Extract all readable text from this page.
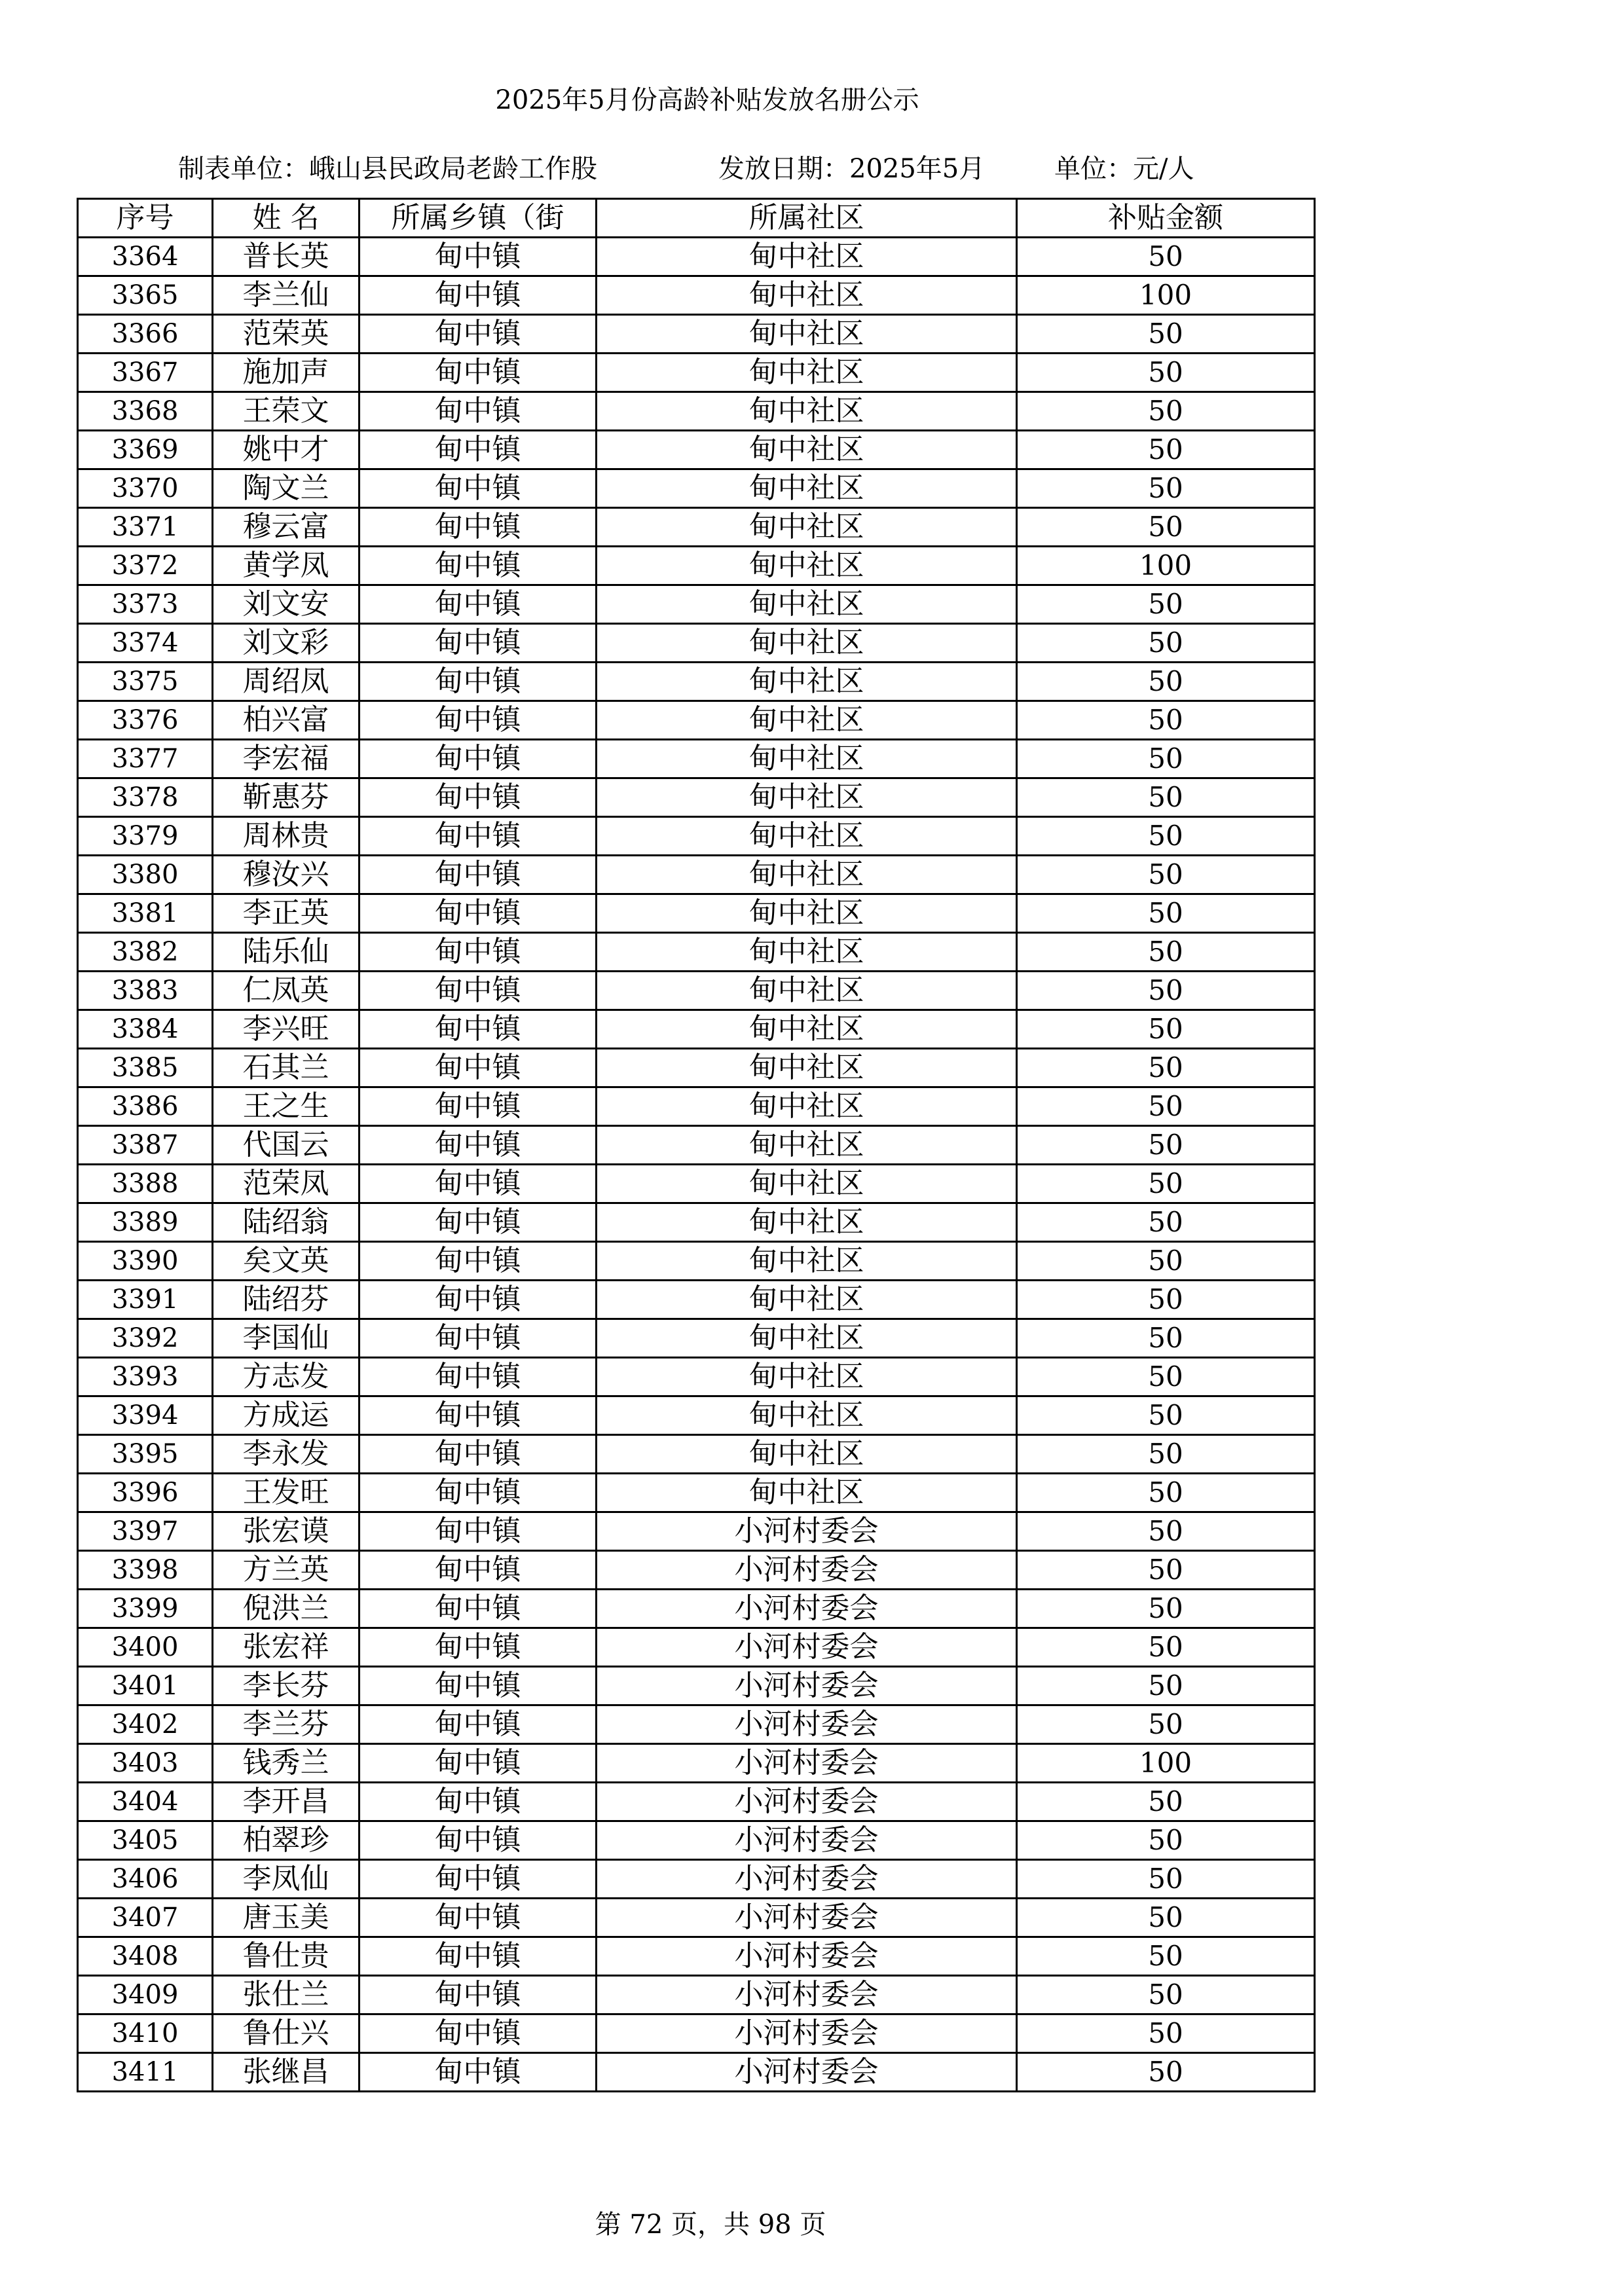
2025年5月份高龄补贴发放名册公示
制表单位：峨山县民政局老龄工作股	发放日期：2025年5月	单位：元/人
序号	姓 名	所属乡镇（街	所属社区	补贴金额
3364	普长英	甸中镇	甸中社区	50
3365	李兰仙	甸中镇	甸中社区	100
3366	范荣英	甸中镇	甸中社区	50
3367	施加声	甸中镇	甸中社区	50
3368	王荣文	甸中镇	甸中社区	50
3369	姚中才	甸中镇	甸中社区	50
3370	陶文兰	甸中镇	甸中社区	50
3371	穆云富	甸中镇	甸中社区	50
3372	黄学凤	甸中镇	甸中社区	100
3373	刘文安	甸中镇	甸中社区	50
3374	刘文彩	甸中镇	甸中社区	50
3375	周绍凤	甸中镇	甸中社区	50
3376	柏兴富	甸中镇	甸中社区	50
3377	李宏福	甸中镇	甸中社区	50
3378	靳惠芬	甸中镇	甸中社区	50
3379	周林贵	甸中镇	甸中社区	50
3380	穆汝兴	甸中镇	甸中社区	50
3381	李正英	甸中镇	甸中社区	50
3382	陆乐仙	甸中镇	甸中社区	50
3383	仁凤英	甸中镇	甸中社区	50
3384	李兴旺	甸中镇	甸中社区	50
3385	石其兰	甸中镇	甸中社区	50
3386	王之生	甸中镇	甸中社区	50
3387	代国云	甸中镇	甸中社区	50
3388	范荣凤	甸中镇	甸中社区	50
3389	陆绍翁	甸中镇	甸中社区	50
3390	矣文英	甸中镇	甸中社区	50
3391	陆绍芬	甸中镇	甸中社区	50
3392	李国仙	甸中镇	甸中社区	50
3393	方志发	甸中镇	甸中社区	50
3394	方成运	甸中镇	甸中社区	50
3395	李永发	甸中镇	甸中社区	50
3396	王发旺	甸中镇	甸中社区	50
3397	张宏谟	甸中镇	小河村委会	50
3398	方兰英	甸中镇	小河村委会	50
3399	倪洪兰	甸中镇	小河村委会	50
3400	张宏祥	甸中镇	小河村委会	50
3401	李长芬	甸中镇	小河村委会	50
3402	李兰芬	甸中镇	小河村委会	50
3403	钱秀兰	甸中镇	小河村委会	100
3404	李开昌	甸中镇	小河村委会	50
3405	柏翠珍	甸中镇	小河村委会	50
3406	李凤仙	甸中镇	小河村委会	50
3407	唐玉美	甸中镇	小河村委会	50
3408	鲁仕贵	甸中镇	小河村委会	50
3409	张仕兰	甸中镇	小河村委会	50
3410	鲁仕兴	甸中镇	小河村委会	50
3411	张继昌	甸中镇	小河村委会	50
第 72 页，共 98 页
